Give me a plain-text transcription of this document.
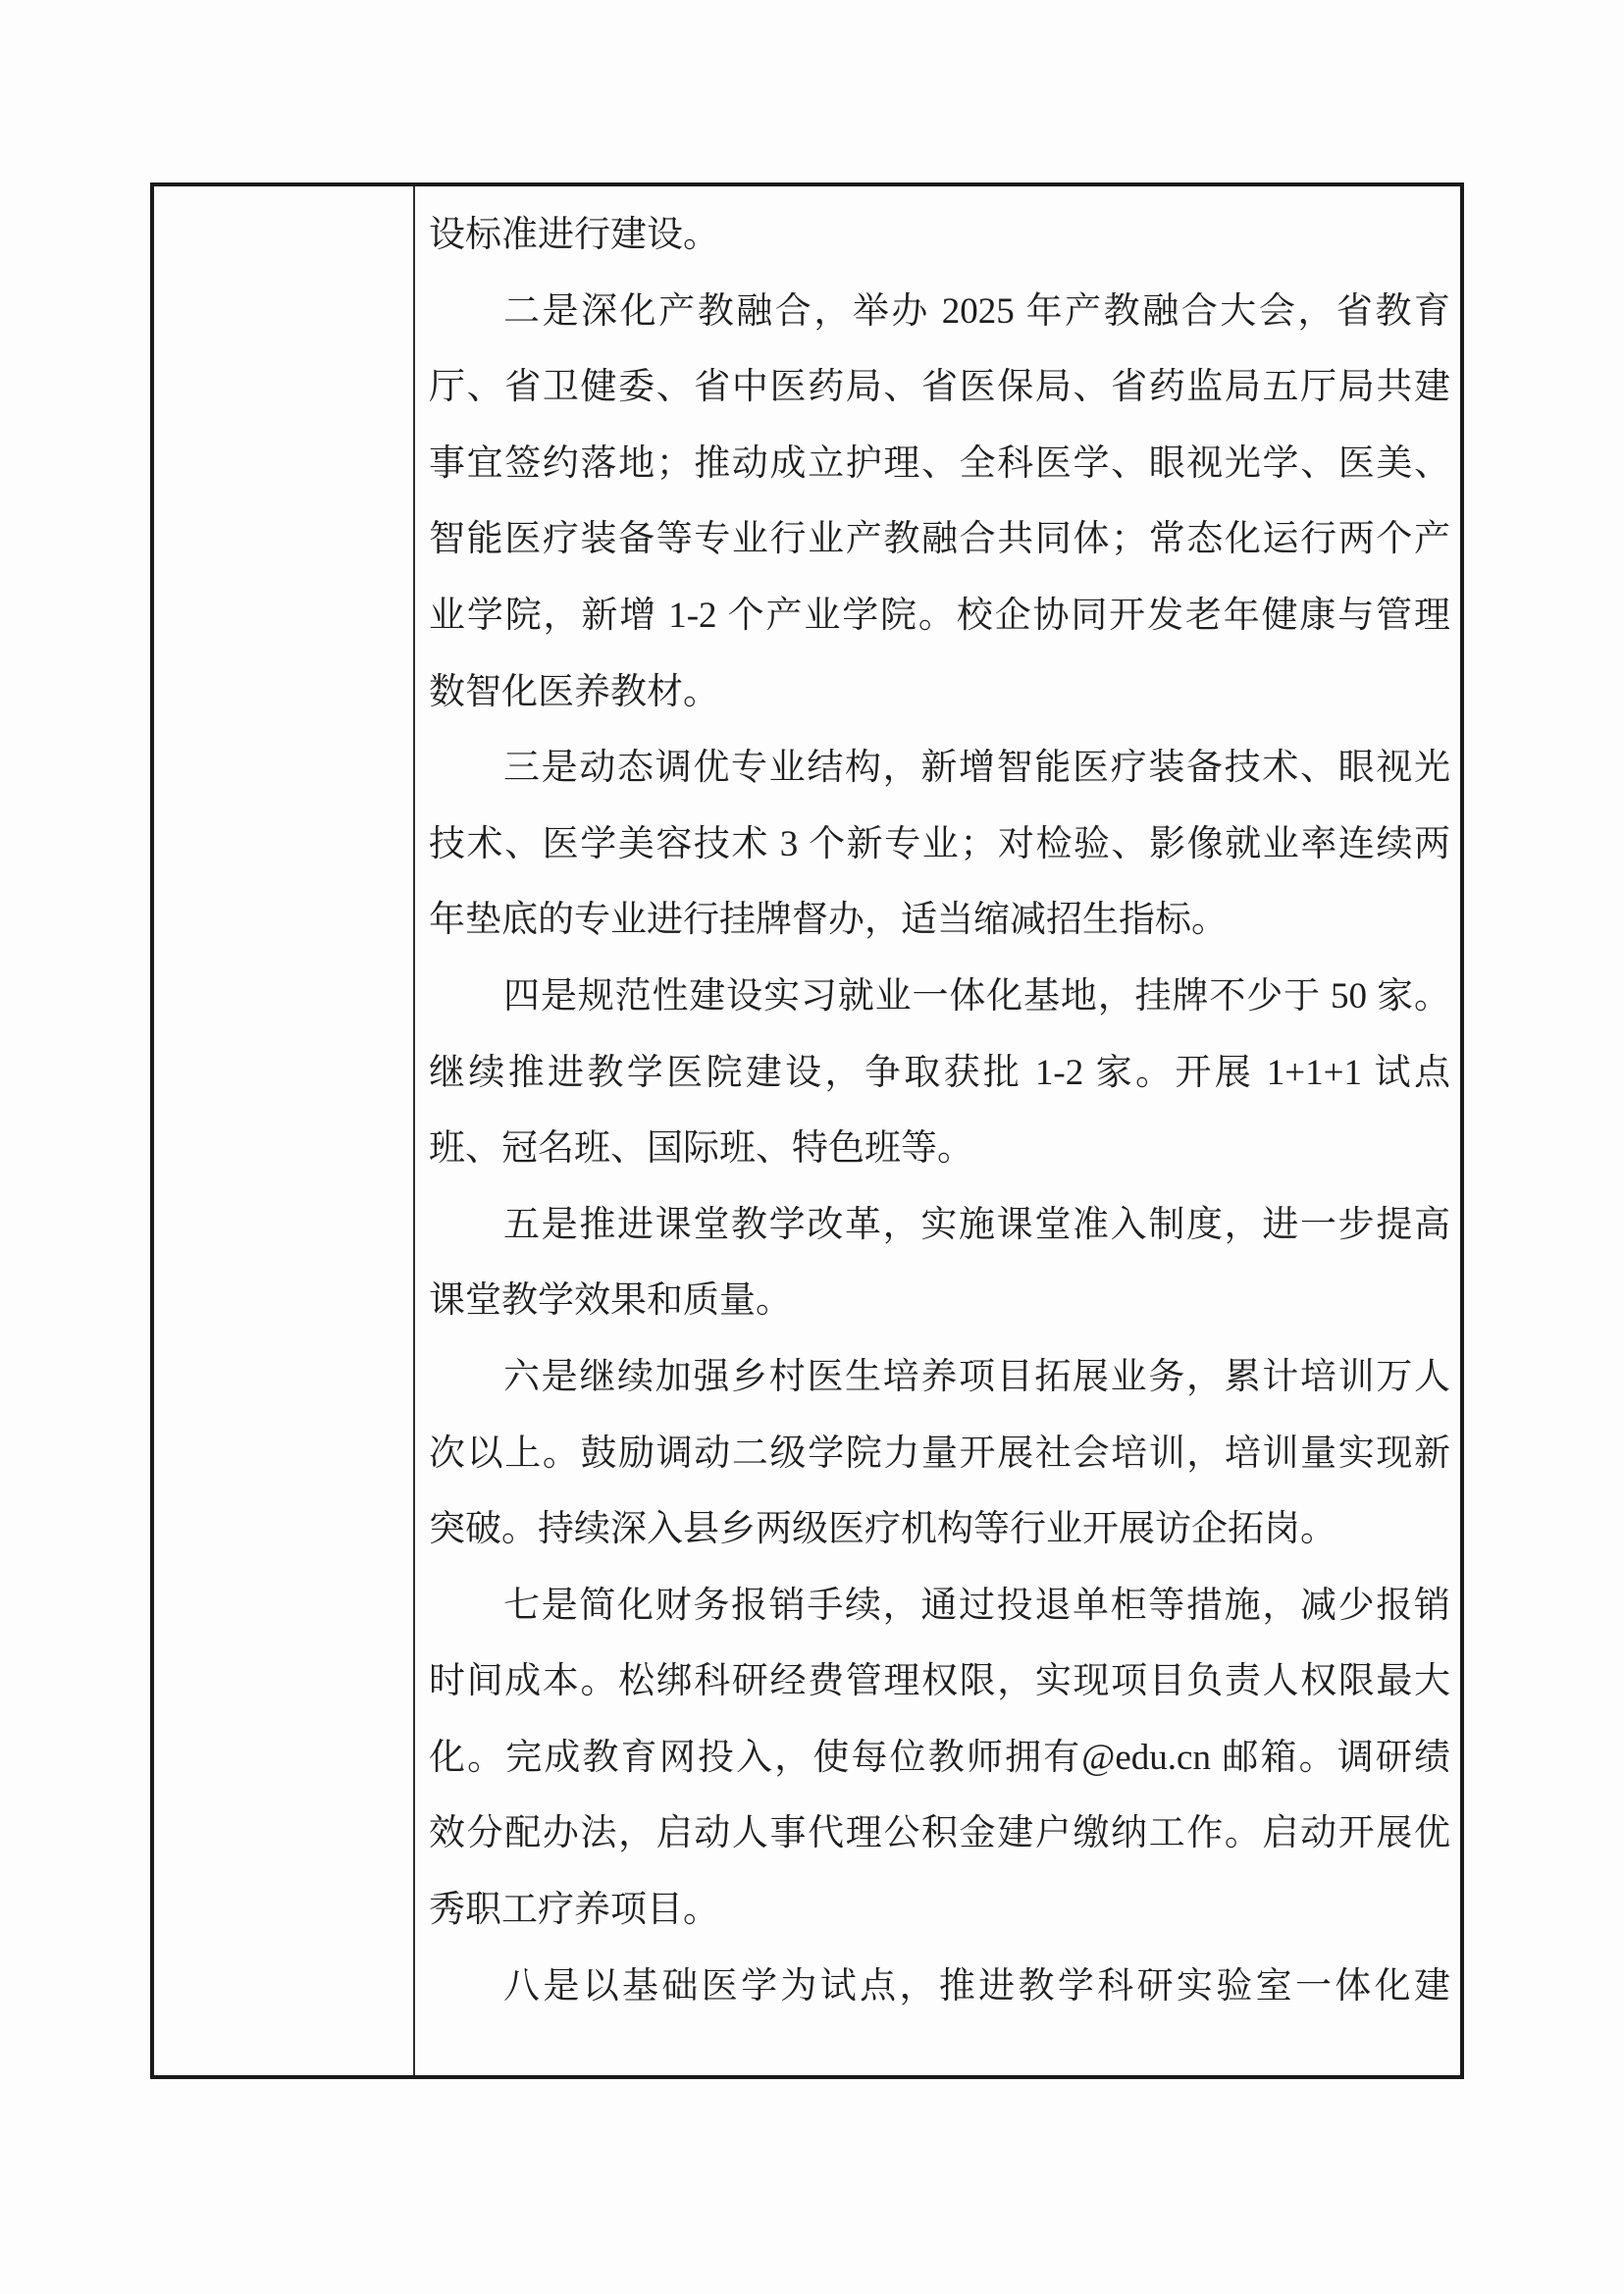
设标准进行建设。
二是深化产教融合，举办 2025 年产教融合大会，省教育
厅、省卫健委、省中医药局、省医保局、省药监局五厅局共建
事宜签约落地；推动成立护理、全科医学、眼视光学、医美、
智能医疗装备等专业行业产教融合共同体；常态化运行两个产
业学院，新增 1-2 个产业学院。校企协同开发老年健康与管理
数智化医养教材。
三是动态调优专业结构，新增智能医疗装备技术、眼视光
技术、医学美容技术 3 个新专业；对检验、影像就业率连续两
年垫底的专业进行挂牌督办，适当缩减招生指标。
四是规范性建设实习就业一体化基地，挂牌不少于 50 家。
继续推进教学医院建设，争取获批 1-2 家。开展 1+1+1 试点
班、冠名班、国际班、特色班等。
五是推进课堂教学改革，实施课堂准入制度，进一步提高
课堂教学效果和质量。
六是继续加强乡村医生培养项目拓展业务，累计培训万人
次以上。鼓励调动二级学院力量开展社会培训，培训量实现新
突破。持续深入县乡两级医疗机构等行业开展访企拓岗。
七是简化财务报销手续，通过投退单柜等措施，减少报销
时间成本。松绑科研经费管理权限，实现项目负责人权限最大
化。完成教育网投入，使每位教师拥有@edu.cn 邮箱。调研绩
效分配办法，启动人事代理公积金建户缴纳工作。启动开展优
秀职工疗养项目。
八是以基础医学为试点，推进教学科研实验室一体化建
